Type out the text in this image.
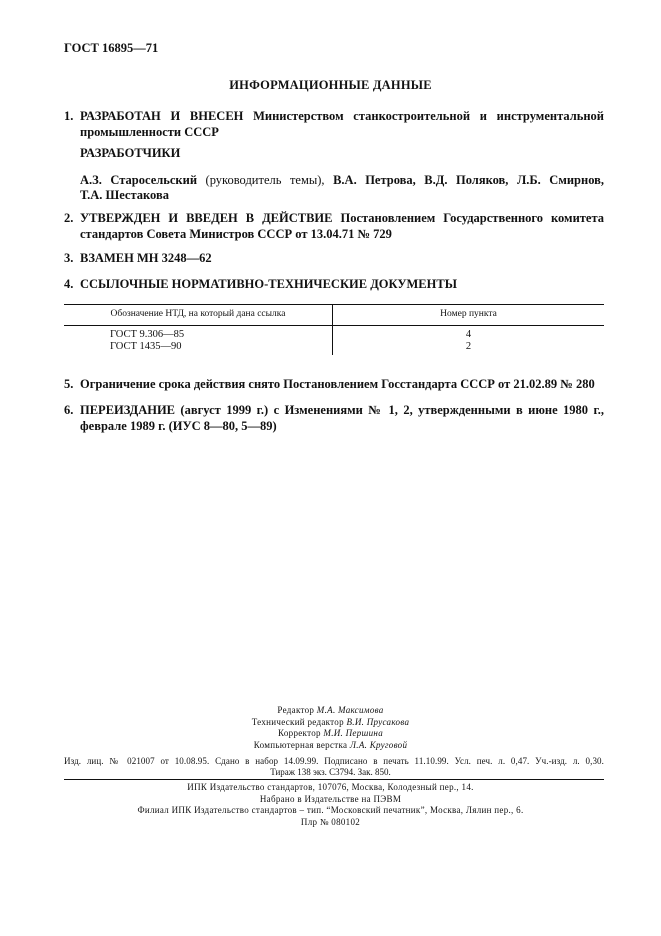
ГОСТ 16895—71
ИНФОРМАЦИОННЫЕ ДАННЫЕ
1. РАЗРАБОТАН И ВНЕСЕН Министерством станкостроительной и инструментальной промышленности СССР
РАЗРАБОТЧИКИ
А.З. Старосельский (руководитель темы), В.А. Петрова, В.Д. Поляков, Л.Б. Смирнов,
Т.А. Шестакова
2. УТВЕРЖДЕН И ВВЕДЕН В ДЕЙСТВИЕ Постановлением Государственного комитета стандартов Совета Министров СССР от 13.04.71 № 729
3. ВЗАМЕН МН 3248—62
4. ССЫЛОЧНЫЕ НОРМАТИВНО-ТЕХНИЧЕСКИЕ ДОКУМЕНТЫ
Обозначение НТД, на который дана ссылка	Номер пункта
ГОСТ 9.306—85	4
ГОСТ 1435—90	2
5. Ограничение срока действия снято Постановлением Госстандарта СССР от 21.02.89 № 280
6. ПЕРЕИЗДАНИЕ (август 1999 г.) с Изменениями № 1, 2, утвержденными в июне 1980 г., феврале 1989 г. (ИУС 8—80, 5—89)
Редактор М.А. Максимова
Технический редактор В.И. Прусакова
Корректор М.И. Першина
Компьютерная верстка Л.А. Круговой
Изд. лиц. № 021007 от 10.08.95. Сдано в набор 14.09.99. Подписано в печать 11.10.99. Усл. печ. л. 0,47. Уч.-изд. л. 0,30.
Тираж 138 экз. С3794. Зак. 850.
ИПК Издательство стандартов, 107076, Москва, Колодезный пер., 14.
Набрано в Издательстве на ПЭВМ
Филиал ИПК Издательство стандартов – тип. “Московский печатник”, Москва, Лялин пер., 6.
Плр № 080102
